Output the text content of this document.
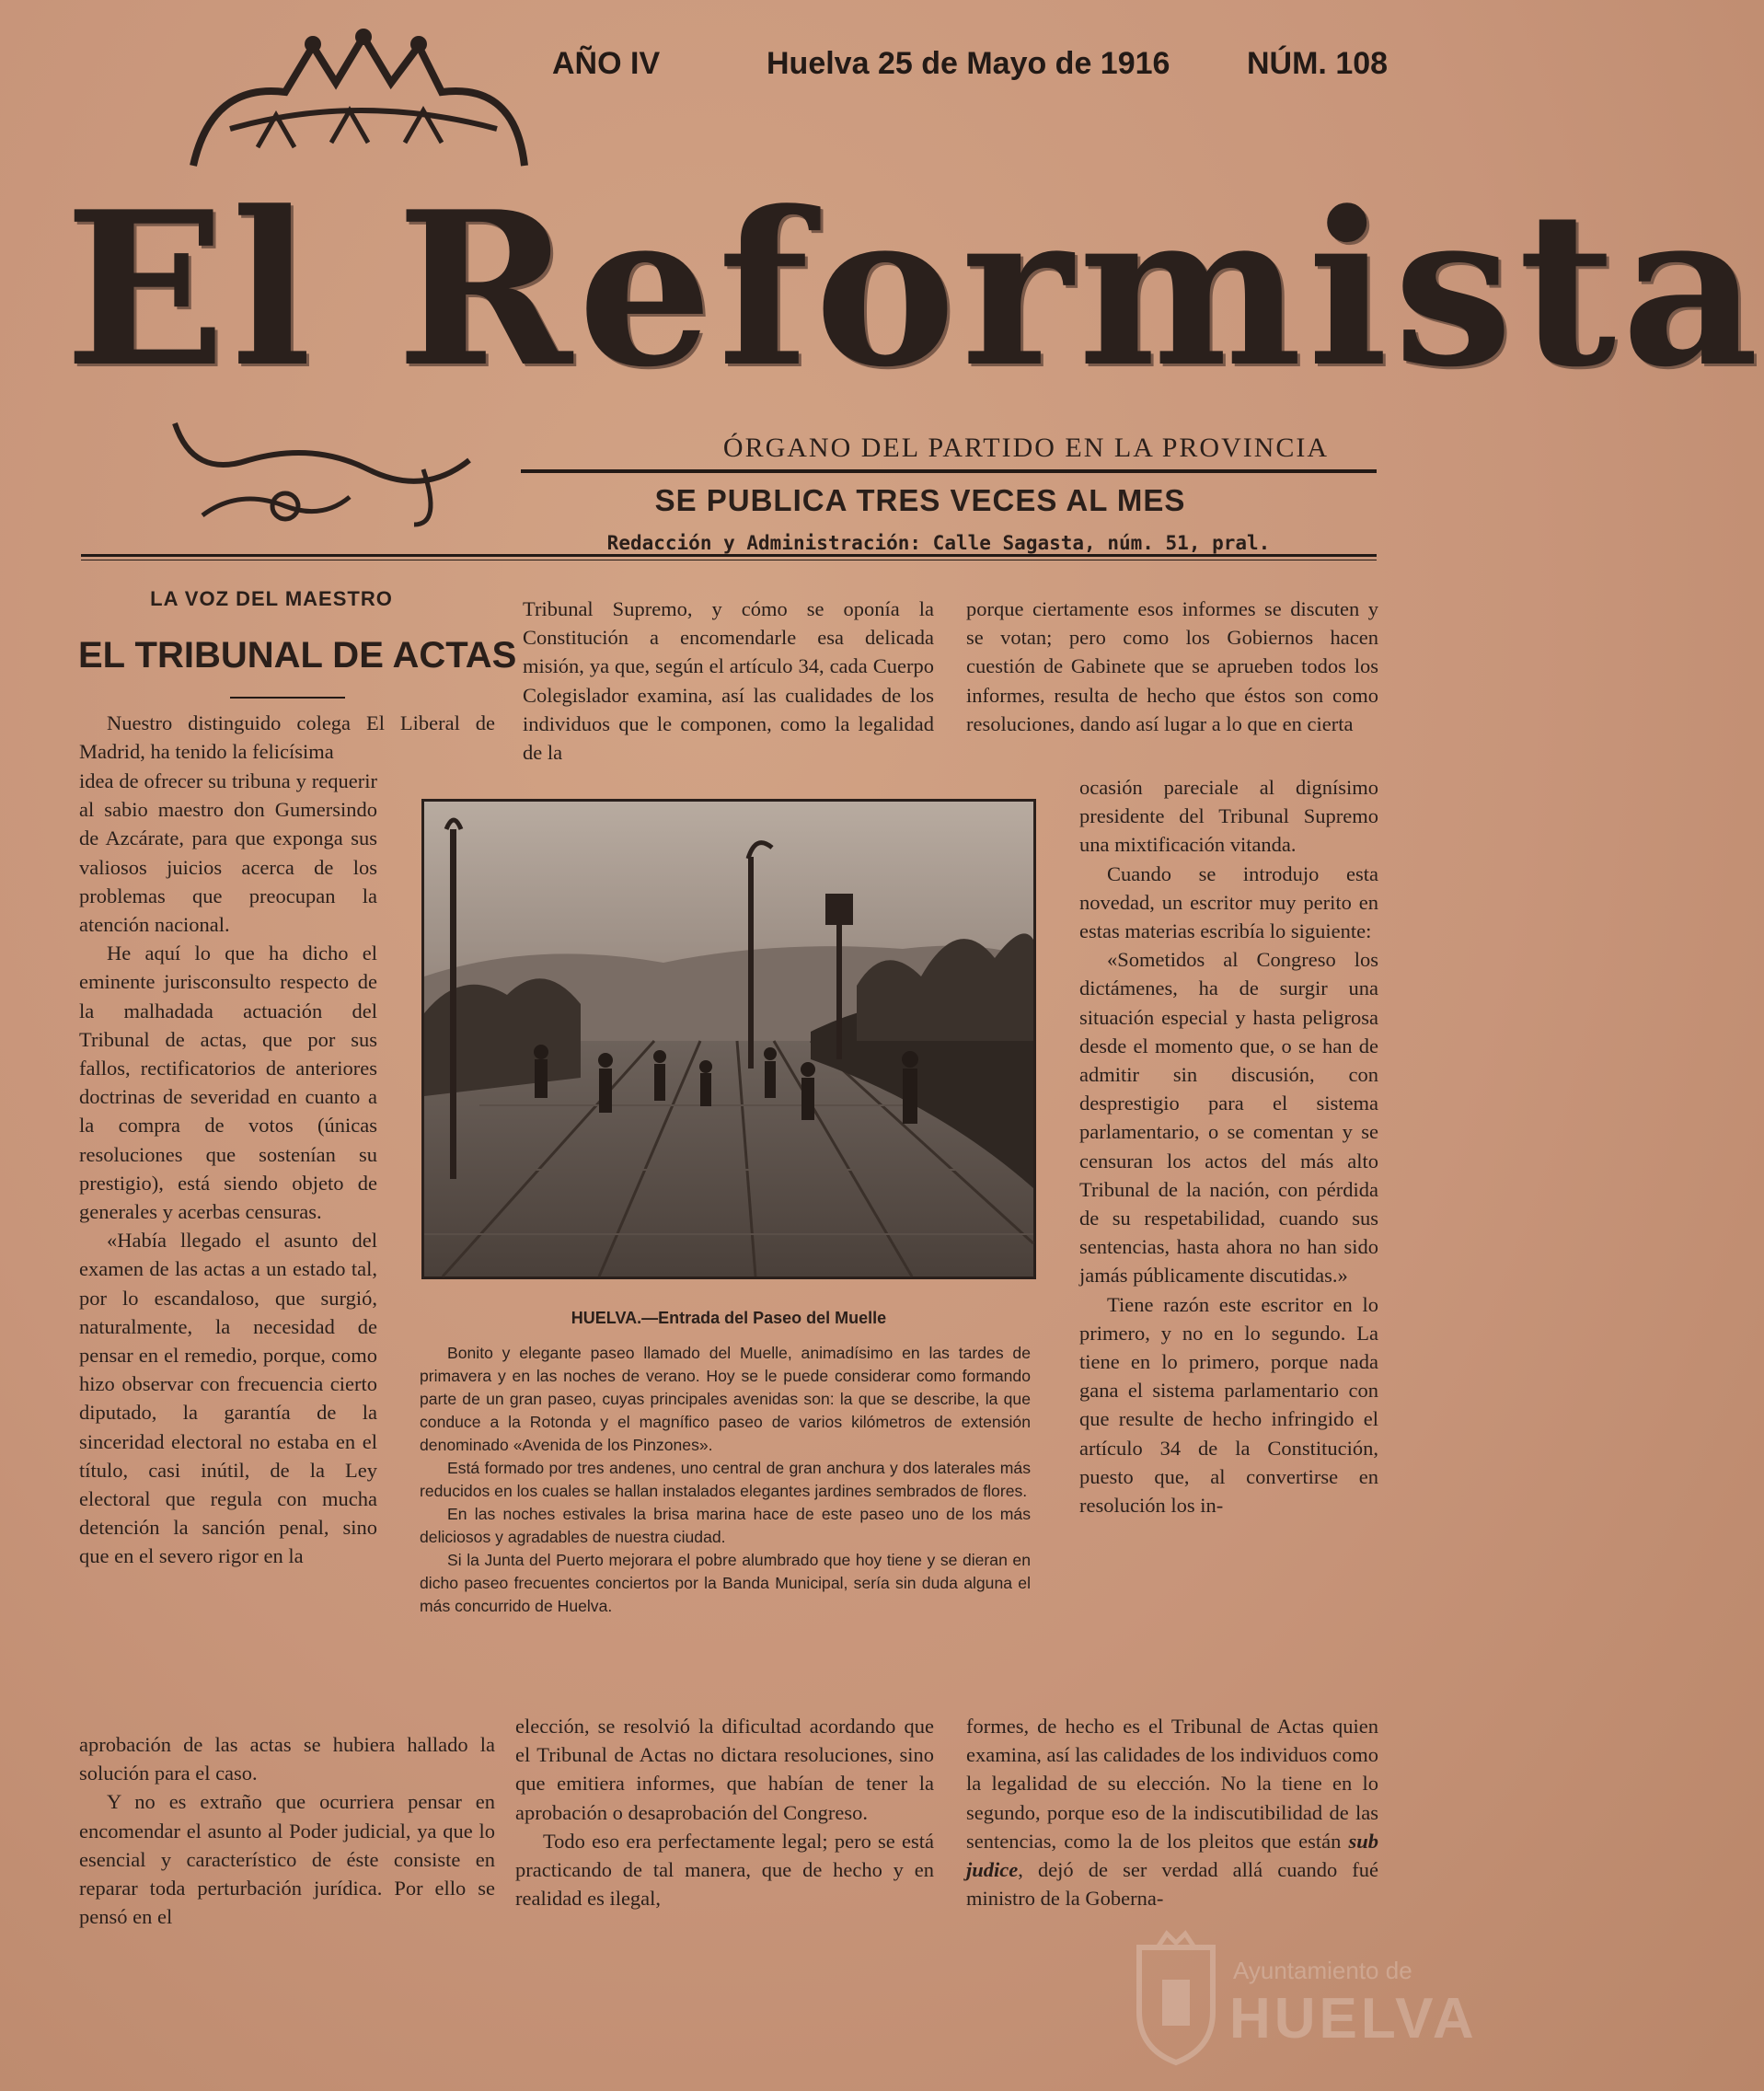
AÑO IV	Huelva 25 de Mayo de 1916 NÚM. 108
El Reformista
ÓRGANO DEL PARTIDO EN LA PROVINCIA
SE PUBLICA TRES VECES AL MES
Redacción y Administración: Calle Sagasta, núm. 51, pral.
LA VOZ DEL MAESTRO
EL TRIBUNAL DE ACTAS

Nuestro distinguido colega El Liberal de Madrid, ha tenido la felicísima

idea de ofrecer su tribuna y requerir al sabio maestro don Gumersindo de Azcárate, para que exponga sus valiosos juicios acerca de los problemas que preocupan la atención nacional.

He aquí lo que ha dicho el eminente jurisconsulto respecto de la malhadada actuación del Tribunal de actas, que por sus fallos, rectificatorios de anteriores doctrinas de severidad en cuanto a la compra de votos (únicas resoluciones que sostenían su prestigio), está siendo objeto de generales y acerbas censuras.

«Había llegado el asunto del examen de las actas a un estado tal, por lo escandaloso, que surgió, naturalmente, la necesidad de pensar en el remedio, porque, como hizo observar con frecuencia cierto diputado, la garantía de la sinceridad electoral no estaba en el título, casi inútil, de la Ley electoral que regula con mucha detención la sanción penal, sino que en el severo rigor en la

aprobación de las actas se hubiera hallado la solución para el caso.

Y no es extraño que ocurriera pensar en encomendar el asunto al Poder judicial, ya que lo esencial y característico de éste consiste en reparar toda perturbación jurídica. Por ello se pensó en el

Tribunal Supremo, y cómo se oponía la Constitución a encomendarle esa delicada misión, ya que, según el artículo 34, cada Cuerpo Colegislador examina, así las cualidades de los individuos que le componen, como la legalidad de la

elección, se resolvió la dificultad acordando que el Tribunal de Actas no dictara resoluciones, sino que emitiera informes, que habían de tener la aprobación o desaprobación del Congreso.

Todo eso era perfectamente legal; pero se está practicando de tal manera, que de hecho y en realidad es ilegal,

HUELVA.—Entrada del Paseo del Muelle

Bonito y elegante paseo llamado del Muelle, animadísimo en las tardes de primavera y en las noches de verano. Hoy se le puede considerar como formando parte de un gran paseo, cuyas principales avenidas son: la que se describe, la que conduce a la Rotonda y el magnífico paseo de varios kilómetros de extensión denominado «Avenida de los Pinzones».

Está formado por tres andenes, uno central de gran anchura y dos laterales más reducidos en los cuales se hallan instalados elegantes jardines sembrados de flores.

En las noches estivales la brisa marina hace de este paseo uno de los más deliciosos y agradables de nuestra ciudad.

Si la Junta del Puerto mejorara el pobre alumbrado que hoy tiene y se dieran en dicho paseo frecuentes conciertos por la Banda Municipal, sería sin duda alguna el más concurrido de Huelva.

porque ciertamente esos informes se discuten y se votan; pero como los Gobiernos hacen cuestión de Gabinete que se aprueben todos los informes, resulta de hecho que éstos son como resoluciones, dando así lugar a lo que en cierta

ocasión pareciale al dignísimo presidente del Tribunal Supremo una mixtificación vitanda.

Cuando se introdujo esta novedad, un escritor muy perito en estas materias escribía lo siguiente:

«Sometidos al Congreso los dictámenes, ha de surgir una situación especial y hasta peligrosa desde el momento que, o se han de admitir sin discusión, con desprestigio para el sistema parlamentario, o se comentan y se censuran los actos del más alto Tribunal de la nación, con pérdida de su respetabilidad, cuando sus sentencias, hasta ahora no han sido jamás públicamente discutidas.»

Tiene razón este escritor en lo primero, y no en lo segundo. La tiene en lo primero, porque nada gana el sistema parlamentario con que resulte de hecho infringido el artículo 34 de la Constitución, puesto que, al convertirse en resolución los in-

formes, de hecho es el Tribunal de Actas quien examina, así las calidades de los individuos como la legalidad de su elección. No la tiene en lo segundo, porque eso de la indiscutibilidad de las sentencias, como la de los pleitos que están sub judice, dejó de ser verdad allá cuando fué ministro de la Goberna-

Ayuntamiento de
HUELVA
